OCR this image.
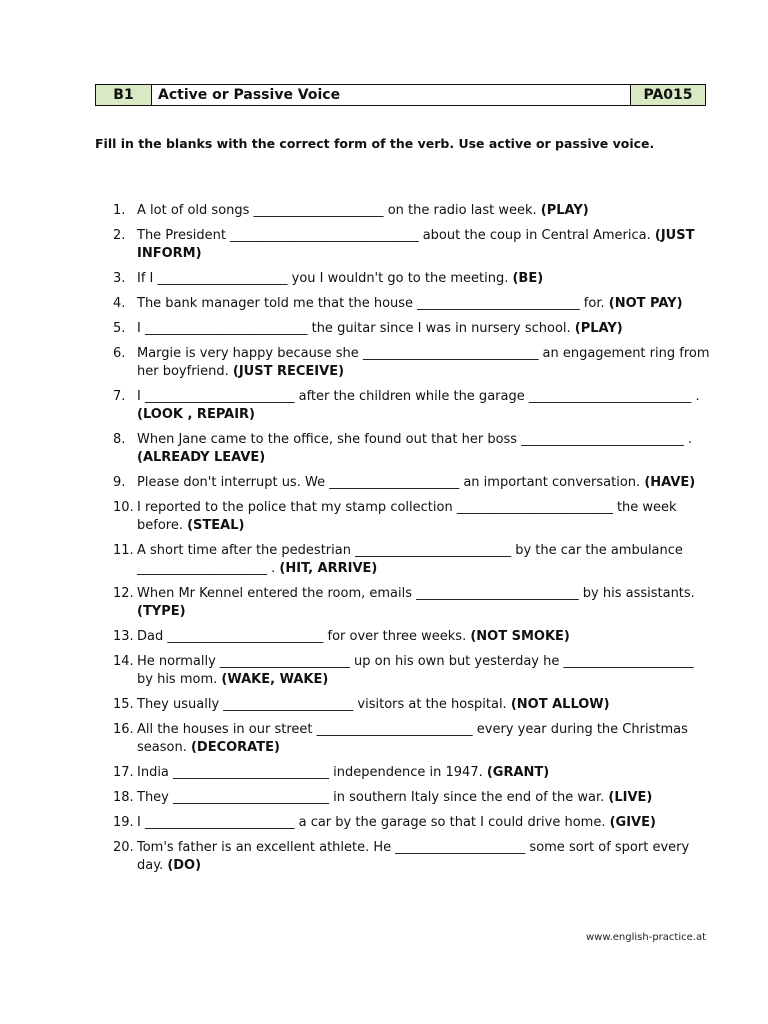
B1	Active or Passive Voice	PA015
Fill in the blanks with the correct form of the verb. Use active or passive voice.
1. A lot of old songs ____________________ on the radio last week. (PLAY)
2. The President _____________________________ about the coup in Central America. (JUST INFORM)
3. If I ____________________ you I wouldn't go to the meeting. (BE)
4. The bank manager told me that the house _________________________ for. (NOT PAY)
5. I _________________________ the guitar since I was in nursery school. (PLAY)
6. Margie is very happy because she ___________________________ an engagement ring from her boyfriend. (JUST RECEIVE)
7. I _______________________ after the children while the garage _________________________ . (LOOK , REPAIR)
8. When Jane came to the office, she found out that her boss _________________________ . (ALREADY LEAVE)
9. Please don't interrupt us. We ____________________ an important conversation. (HAVE)
10. I reported to the police that my stamp collection ________________________ the week before. (STEAL)
11. A short time after the pedestrian ________________________ by the car the ambulance ____________________ . (HIT, ARRIVE)
12. When Mr Kennel entered the room, emails _________________________ by his assistants. (TYPE)
13. Dad ________________________ for over three weeks. (NOT SMOKE)
14. He normally ____________________ up on his own but yesterday he ____________________ by his mom. (WAKE, WAKE)
15. They usually ____________________ visitors at the hospital. (NOT ALLOW)
16. All the houses in our street ________________________ every year during the Christmas season. (DECORATE)
17. India ________________________ independence in 1947. (GRANT)
18. They ________________________ in southern Italy since the end of the war. (LIVE)
19. I _______________________ a car by the garage so that I could drive home. (GIVE)
20. Tom's father is an excellent athlete. He ____________________ some sort of sport every day. (DO)
www.english-practice.at
